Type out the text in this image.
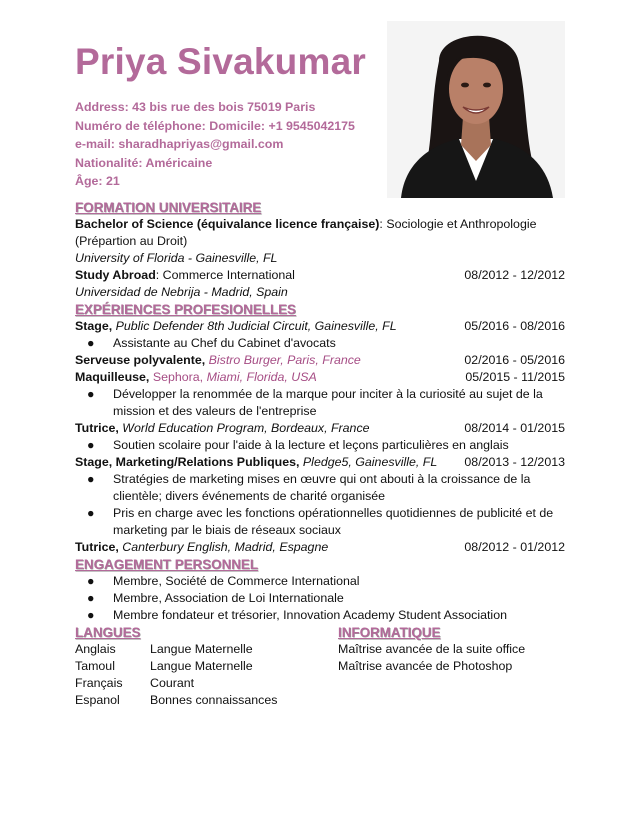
Priya Sivakumar
Address: 43 bis rue des bois 75019 Paris
Numéro de téléphone: Domicile: +1 9545042175
e-mail: sharadhapriyas@gmail.com
Nationalité: Américaine
Âge: 21
FORMATION UNIVERSITAIRE
Bachelor of Science (équivalance licence française): Sociologie et Anthropologie
(Prépartion au Droit)
University of Florida - Gainesville, FL
Study Abroad: Commerce International	08/2012 - 12/2012
Universidad de Nebrija - Madrid, Spain
EXPÉRIENCES PROFESIONELLES
Stage, Public Defender 8th Judicial Circuit, Gainesville, FL	05/2016 - 08/2016
● Assistante au Chef du Cabinet d'avocats
Serveuse polyvalente, Bistro Burger, Paris, France	02/2016 - 05/2016
Maquilleuse, Sephora, Miami, Florida, USA	05/2015 - 11/2015
● Développer la renommée de la marque pour inciter à la curiosité au sujet de la
mission et des valeurs de l'entreprise
Tutrice, World Education Program, Bordeaux, France	08/2014 - 01/2015
● Soutien scolaire pour l'aide à la lecture et leçons particulières en anglais
Stage, Marketing/Relations Publiques, Pledge5, Gainesville, FL 08/2013 - 12/2013
● Stratégies de marketing mises en œuvre qui ont abouti à la croissance de la
clientèle; divers événements de charité organisée
● Pris en charge avec les fonctions opérationnelles quotidiennes de publicité et de
marketing par le biais de réseaux sociaux
Tutrice, Canterbury English, Madrid, Espagne	08/2012 - 01/2012
ENGAGEMENT PERSONNEL
● Membre, Société de Commerce International
● Membre, Association de Loi Internationale
● Membre fondateur et trésorier, Innovation Academy Student Association
LANGUES	INFORMATIQUE
Anglais	Langue Maternelle	Maîtrise avancée de la suite office
Tamoul	Langue Maternelle	Maîtrise avancée de Photoshop
Français Courant
Espanol Bonnes connaissances
